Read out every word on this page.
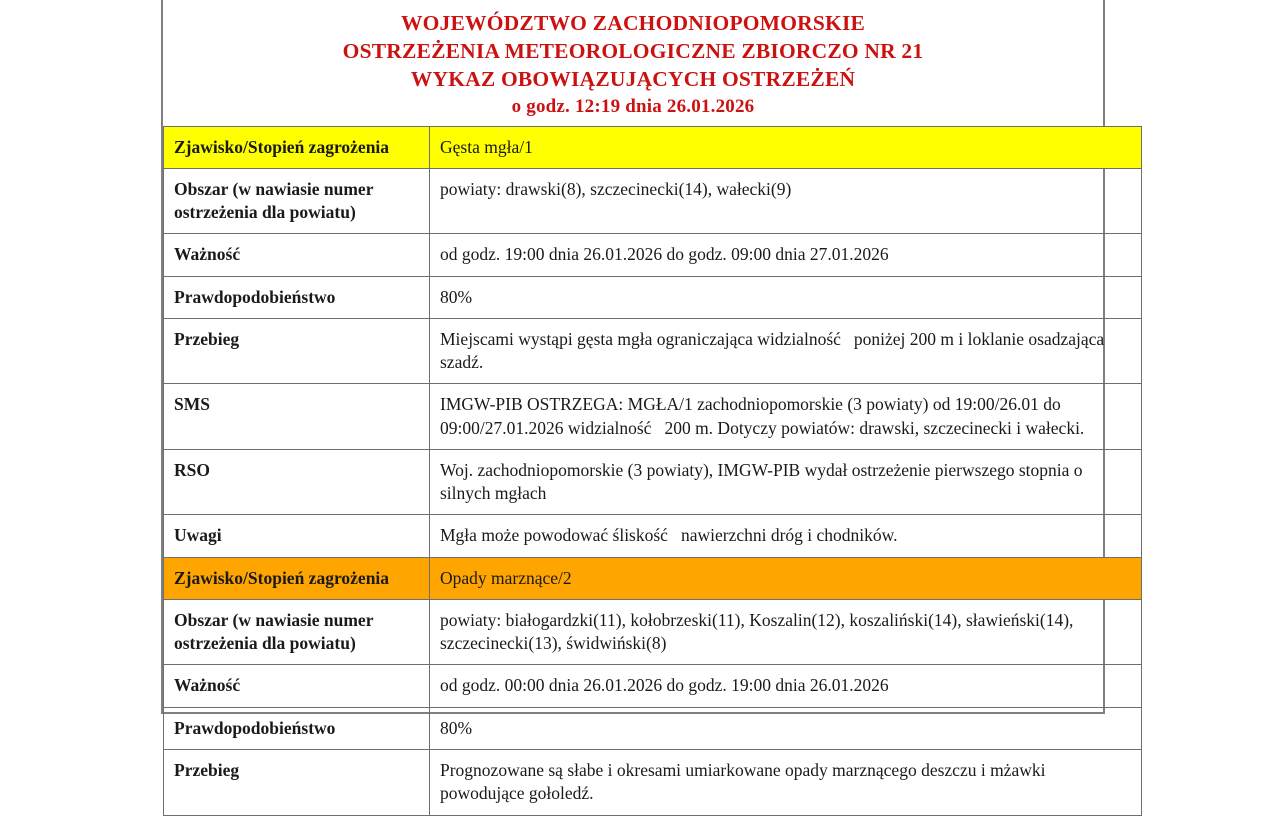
WOJEWÓDZTWO ZACHODNIOPOMORSKIE
OSTRZEŻENIA METEOROLOGICZNE ZBIORCZO NR 21
WYKAZ OBOWIĄZUJĄCYCH OSTRZEŻEŃ
o godz. 12:19 dnia 26.01.2026
Zjawisko/Stopień zagrożenia	Gęsta mgła/1
Obszar (w nawiasie numer ostrzeżenia dla powiatu)	powiaty: drawski(8), szczecinecki(14), wałecki(9)
Ważność	od godz. 19:00 dnia 26.01.2026 do godz. 09:00 dnia 27.01.2026
Prawdopodobieństwo	80%
Przebieg	Miejscami wystąpi gęsta mgła ograniczająca widzialność poniżej 200 m i loklanie osadzająca szadź.
SMS	IMGW-PIB OSTRZEGA: MGŁA/1 zachodniopomorskie (3 powiaty) od 19:00/26.01 do 09:00/27.01.2026 widzialność 200 m. Dotyczy powiatów: drawski, szczecinecki i wałecki.
RSO	Woj. zachodniopomorskie (3 powiaty), IMGW-PIB wydał ostrzeżenie pierwszego stopnia o silnych mgłach
Uwagi	Mgła może powodować śliskość nawierzchni dróg i chodników.
Zjawisko/Stopień zagrożenia	Opady marznące/2
Obszar (w nawiasie numer ostrzeżenia dla powiatu)	powiaty: białogardzki(11), kołobrzeski(11), Koszalin(12), koszaliński(14), sławieński(14), szczecinecki(13), świdwiński(8)
Ważność	od godz. 00:00 dnia 26.01.2026 do godz. 19:00 dnia 26.01.2026
Prawdopodobieństwo	80%
Przebieg	Prognozowane są słabe i okresami umiarkowane opady marznącego deszczu i mżawki powodujące gołoledź.
